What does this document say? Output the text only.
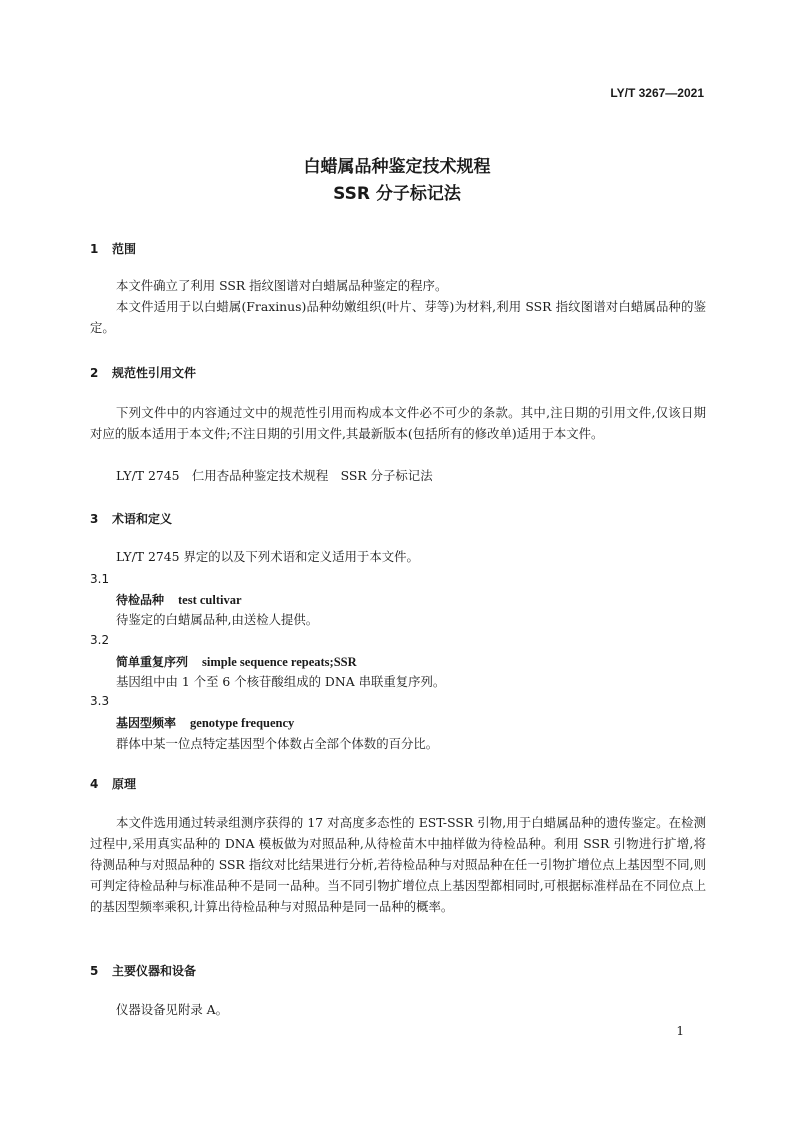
LY/T 3267—2021
白蜡属品种鉴定技术规程
SSR 分子标记法
1 范围
本文件确立了利用 SSR 指纹图谱对白蜡属品种鉴定的程序。
本文件适用于以白蜡属(Fraxinus)品种幼嫩组织(叶片、芽等)为材料,利用 SSR 指纹图谱对白蜡属品种的鉴定。
2 规范性引用文件
下列文件中的内容通过文中的规范性引用而构成本文件必不可少的条款。其中,注日期的引用文件,仅该日期对应的版本适用于本文件;不注日期的引用文件,其最新版本(包括所有的修改单)适用于本文件。
LY/T 2745　仁用杏品种鉴定技术规程　SSR 分子标记法
3 术语和定义
LY/T 2745 界定的以及下列术语和定义适用于本文件。
3.1
待检品种 test cultivar
待鉴定的白蜡属品种,由送检人提供。
3.2
简单重复序列 simple sequence repeats;SSR
基因组中由 1 个至 6 个核苷酸组成的 DNA 串联重复序列。
3.3
基因型频率 genotype frequency
群体中某一位点特定基因型个体数占全部个体数的百分比。
4 原理
本文件选用通过转录组测序获得的 17 对高度多态性的 EST-SSR 引物,用于白蜡属品种的遗传鉴定。在检测过程中,采用真实品种的 DNA 模板做为对照品种,从待检苗木中抽样做为待检品种。利用 SSR 引物进行扩增,将待测品种与对照品种的 SSR 指纹对比结果进行分析,若待检品种与对照品种在任一引物扩增位点上基因型不同,则可判定待检品种与标准品种不是同一品种。当不同引物扩增位点上基因型都相同时,可根据标准样品在不同位点上的基因型频率乘积,计算出待检品种与对照品种是同一品种的概率。
5 主要仪器和设备
仪器设备见附录 A。
1
